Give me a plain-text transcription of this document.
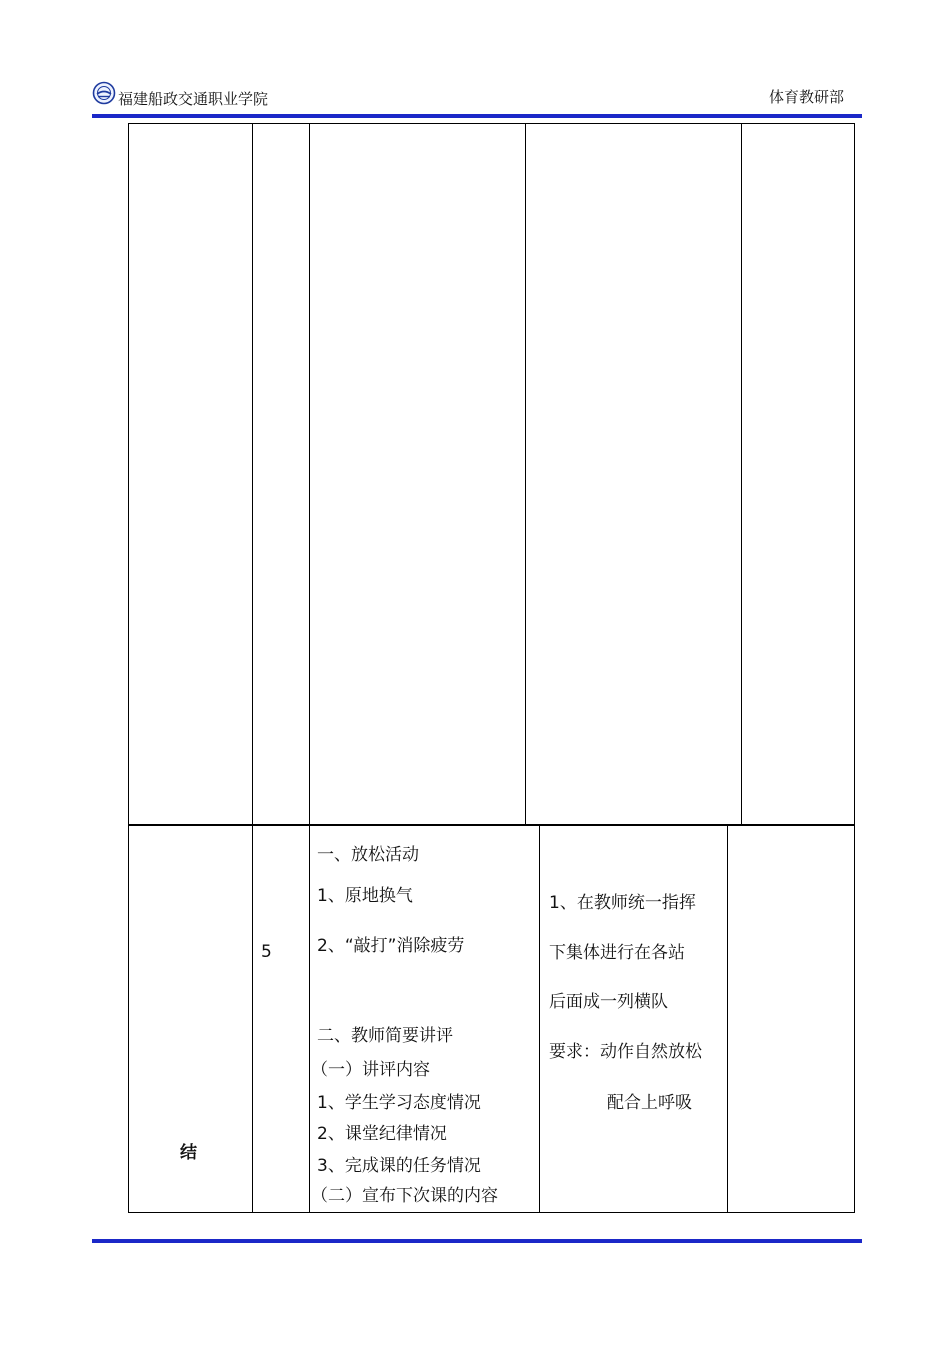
福建船政交通职业学院	体育教研部
结
5
一、放松活动
1、原地换气
2、“敲打”消除疲劳
二、教师简要讲评
（一）讲评内容
1、学生学习态度情况
2、课堂纪律情况
3、完成课的任务情况
（二）宣布下次课的内容
1、在教师统一指挥
下集体进行在各站
后面成一列横队
要求：动作自然放松
配合上呼吸
